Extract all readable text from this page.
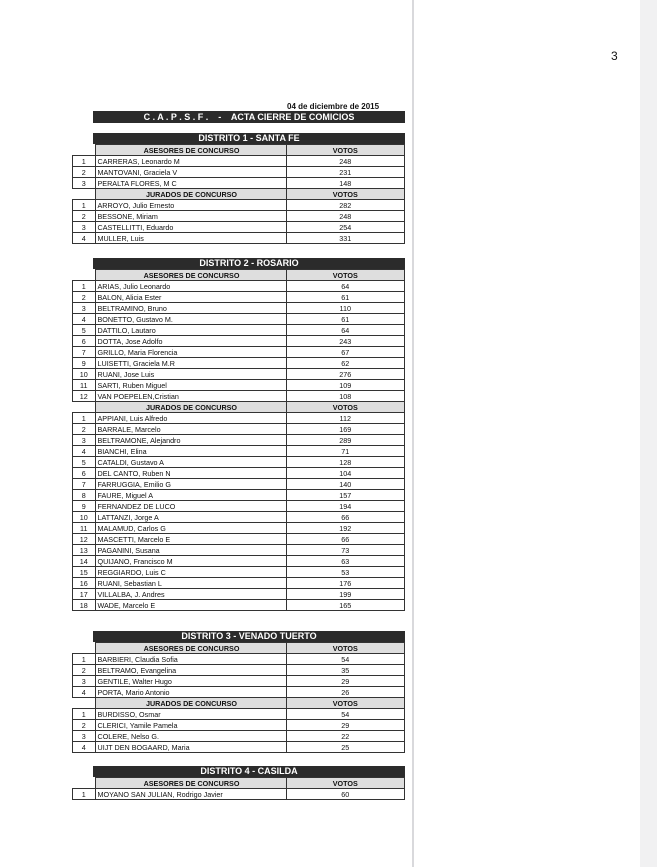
3
04 de diciembre de 2015
C . A . P . S . F .    -    ACTA CIERRE DE COMICIOS
DISTRITO 1 - SANTA FE
	ASESORES DE CONCURSO	VOTOS
1	CARRERAS, Leonardo M	248
2	MANTOVANI, Graciela V	231
3	PERALTA FLORES, M C	148
	JURADOS DE CONCURSO	VOTOS
1	ARROYO, Julio Ernesto	282
2	BESSONE, Miriam	248
3	CASTELLITTI, Eduardo	254
4	MULLER, Luis	331
DISTRITO 2 - ROSARIO
	ASESORES DE CONCURSO	VOTOS
1	ARIAS, Julio Leonardo	64
2	BALON, Alicia Ester	61
3	BELTRAMINO, Bruno	110
4	BONETTO, Gustavo M.	61
5	DATTILO, Lautaro	64
6	DOTTA, Jose Adolfo	243
7	GRILLO, Maria Florencia	67
9	LUISETTI, Graciela M.R	62
10	RUANI, Jose Luis	276
11	SARTI, Ruben Miguel	109
12	VAN POEPELEN,Cristian	108
	JURADOS DE CONCURSO	VOTOS
1	APPIANI, Luis Alfredo	112
2	BARRALE, Marcelo	169
3	BELTRAMONE, Alejandro	289
4	BIANCHI, Elina	71
5	CATALDI, Gustavo A	128
6	DEL CANTO, Ruben N	104
7	FARRUGGIA, Emilio G	140
8	FAURE, Miguel A	157
9	FERNANDEZ DE LUCO	194
10	LATTANZI, Jorge A	66
11	MALAMUD, Carlos G	192
12	MASCETTI, Marcelo E	66
13	PAGANINI, Susana	73
14	QUIJANO, Francisco M	63
15	REGGIARDO, Luis C	53
16	RUANI, Sebastian L	176
17	VILLALBA, J. Andres	199
18	WADE, Marcelo E	165
DISTRITO 3 - VENADO TUERTO
	ASESORES DE CONCURSO	VOTOS
1	BARBIERI, Claudia Sofia	54
2	BELTRAMO, Evangelina	35
3	GENTILE, Walter Hugo	29
4	PORTA, Mario Antonio	26
	JURADOS DE CONCURSO	VOTOS
1	BURDISSO, Osmar	54
2	CLERICI, Yamile Pamela	29
3	COLERE, Nelso G.	22
4	UIJT DEN BOGAARD, Maria	25
DISTRITO 4 - CASILDA
	ASESORES DE CONCURSO	VOTOS
1	MOYANO SAN JULIAN, Rodrigo Javier	60
